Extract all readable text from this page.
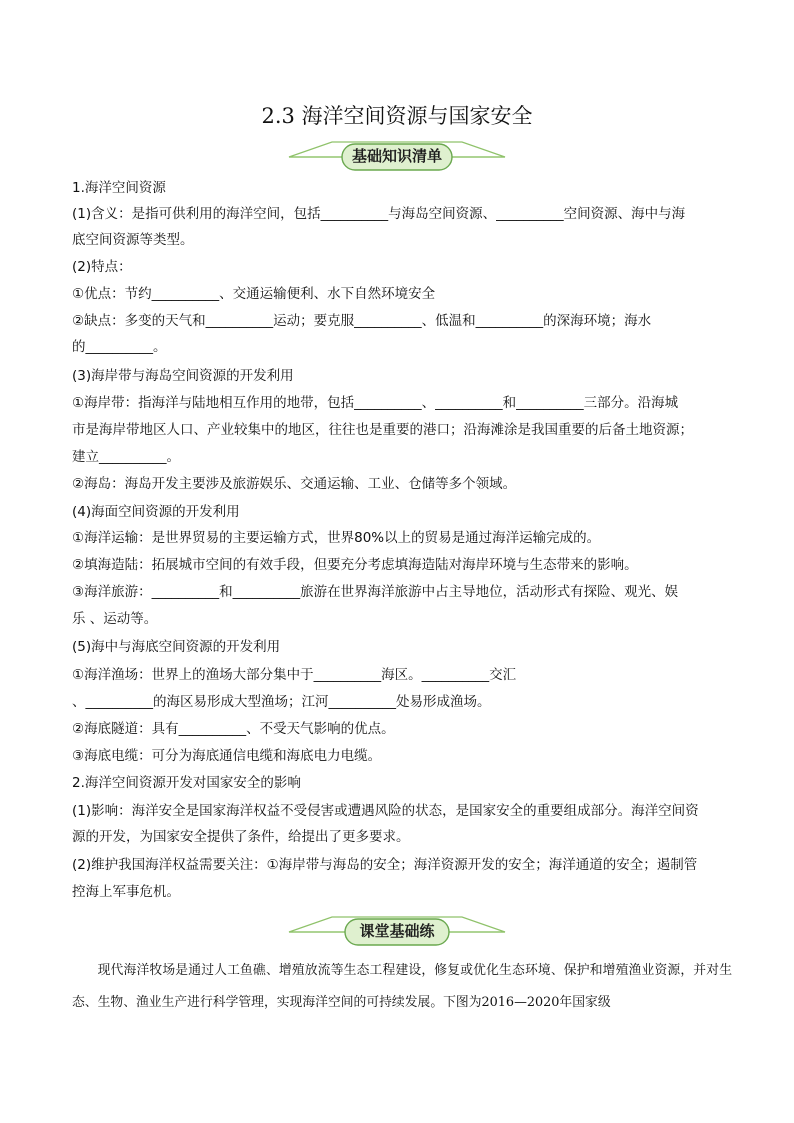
2.3 海洋空间资源与国家安全
基础知识清单
1.海洋空间资源
(1)含义：是指可供利用的海洋空间，包括__________与海岛空间资源、__________空间资源、海中与海
底空间资源等类型。
(2)特点：
①优点：节约__________、交通运输便利、水下自然环境安全
②缺点：多变的天气和__________运动；要克服__________、低温和__________的深海环境；海水
的__________。
(3)海岸带与海岛空间资源的开发利用
①海岸带：指海洋与陆地相互作用的地带，包括__________、__________和__________三部分。沿海城
市是海岸带地区人口、产业较集中的地区，往往也是重要的港口；沿海滩涂是我国重要的后备土地资源；
建立__________。
②海岛：海岛开发主要涉及旅游娱乐、交通运输、工业、仓储等多个领域。
(4)海面空间资源的开发利用
①海洋运输：是世界贸易的主要运输方式，世界80%以上的贸易是通过海洋运输完成的。
②填海造陆：拓展城市空间的有效手段，但要充分考虑填海造陆对海岸环境与生态带来的影响。
③海洋旅游：__________和__________旅游在世界海洋旅游中占主导地位，活动形式有探险、观光、娱
乐 、运动等。
(5)海中与海底空间资源的开发利用
①海洋渔场：世界上的渔场大部分集中于__________海区。__________交汇
、__________的海区易形成大型渔场；江河__________处易形成渔场。
②海底隧道：具有__________、不受天气影响的优点。
③海底电缆：可分为海底通信电缆和海底电力电缆。
2.海洋空间资源开发对国家安全的影响
(1)影响：海洋安全是国家海洋权益不受侵害或遭遇风险的状态，是国家安全的重要组成部分。海洋空间资
源的开发，为国家安全提供了条件，给提出了更多要求。
(2)维护我国海洋权益需要关注：①海岸带与海岛的安全；海洋资源开发的安全；海洋通道的安全；遏制管
控海上军事危机。
课堂基础练
现代海洋牧场是通过人工鱼礁、增殖放流等生态工程建设，修复或优化生态环境、保护和增殖渔业资源，并对生态、生物、渔业生产进行科学管理，实现海洋空间的可持续发展。下图为2016—2020年国家级
